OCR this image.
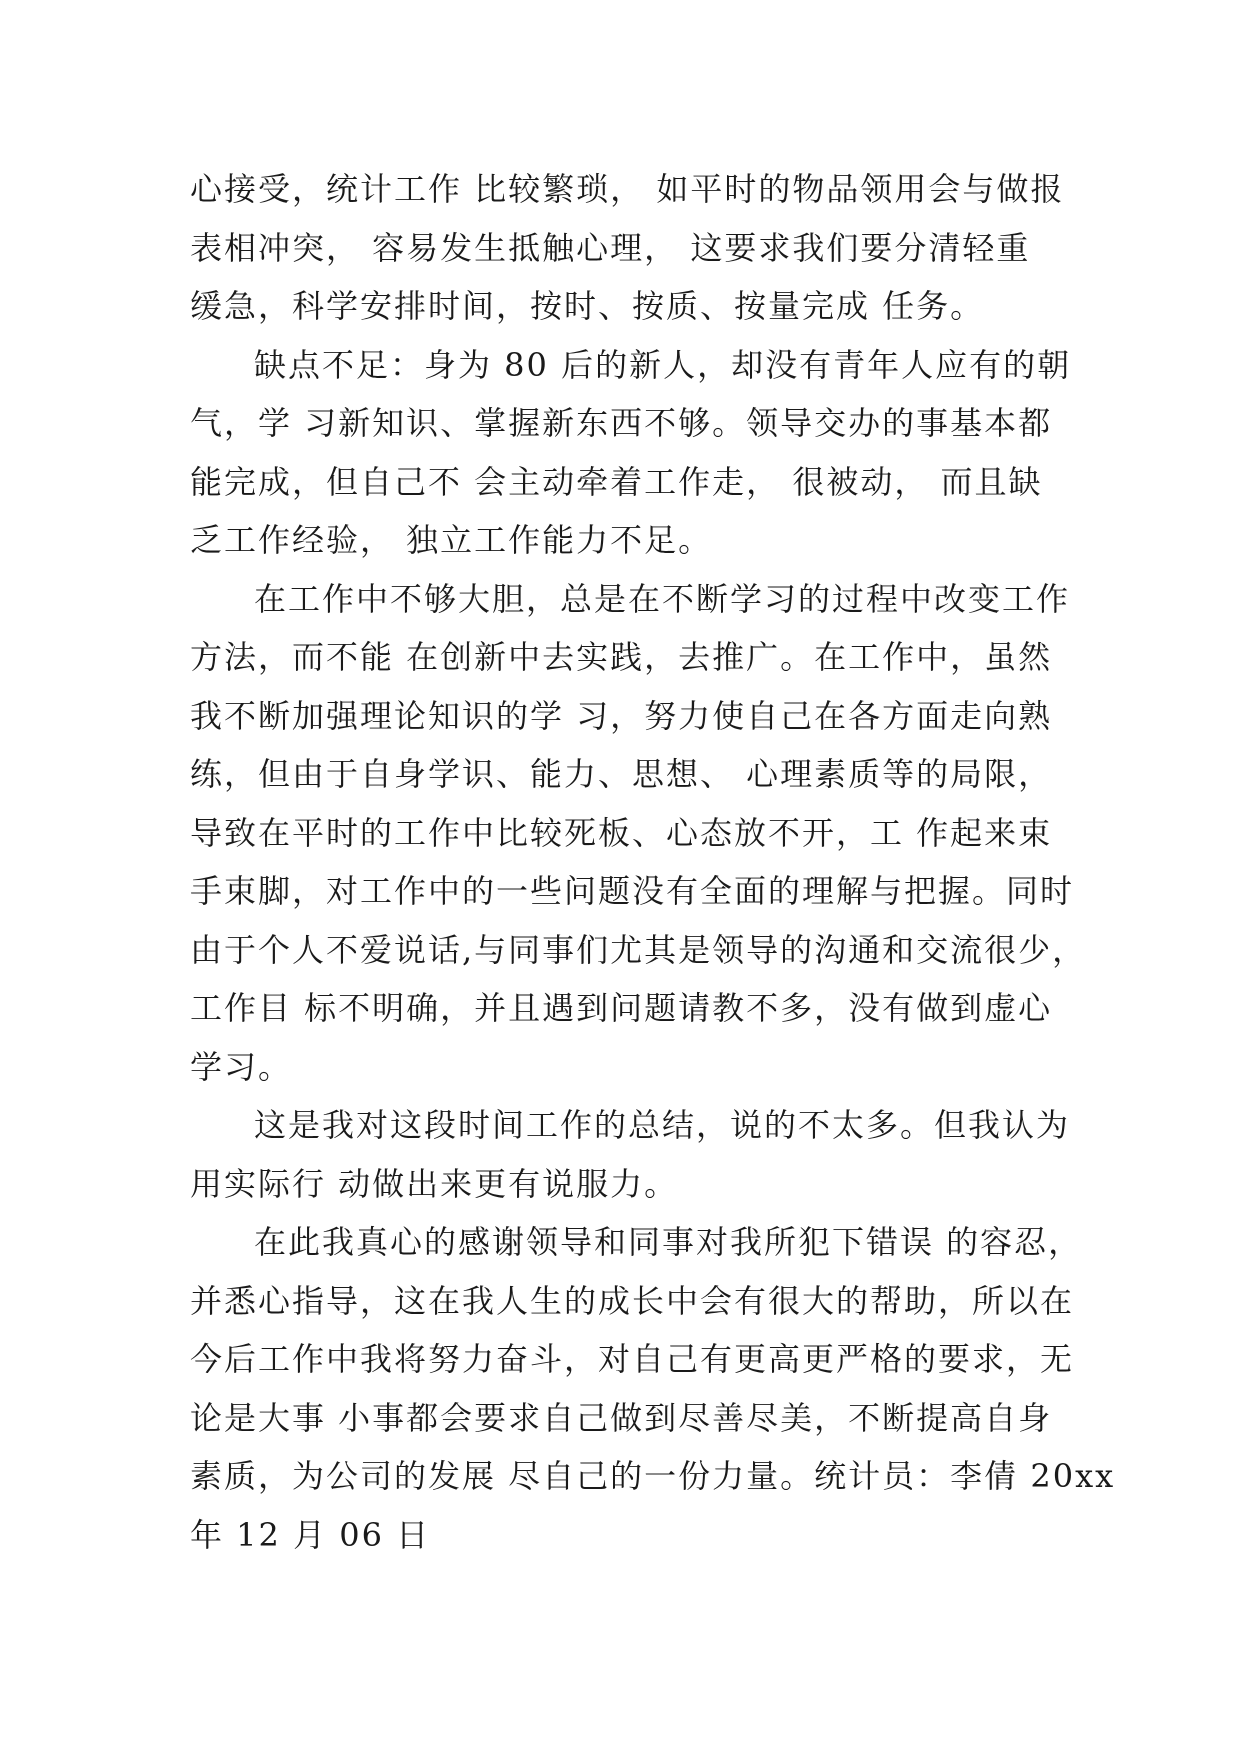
心接受，统计工作 比较繁琐， 如平时的物品领用会与做报
表相冲突， 容易发生抵触心理， 这要求我们要分清轻重
缓急，科学安排时间，按时、按质、按量完成 任务。
缺点不足：身为 80 后的新人，却没有青年人应有的朝
气，学 习新知识、掌握新东西不够。领导交办的事基本都
能完成，但自己不 会主动牵着工作走， 很被动， 而且缺
乏工作经验， 独立工作能力不足。
在工作中不够大胆，总是在不断学习的过程中改变工作
方法，而不能 在创新中去实践，去推广。在工作中，虽然
我不断加强理论知识的学 习，努力使自己在各方面走向熟
练，但由于自身学识、能力、思想、 心理素质等的局限，
导致在平时的工作中比较死板、心态放不开，工 作起来束
手束脚，对工作中的一些问题没有全面的理解与把握。同时
由于个人不爱说话,与同事们尤其是领导的沟通和交流很少，
工作目 标不明确，并且遇到问题请教不多，没有做到虚心
学习。
这是我对这段时间工作的总结，说的不太多。但我认为
用实际行 动做出来更有说服力。
在此我真心的感谢领导和同事对我所犯下错误 的容忍，
并悉心指导，这在我人生的成长中会有很大的帮助，所以在
今后工作中我将努力奋斗，对自己有更高更严格的要求，无
论是大事 小事都会要求自己做到尽善尽美，不断提高自身
素质，为公司的发展 尽自己的一份力量。统计员：李倩 20xx
年 12 月 06 日
